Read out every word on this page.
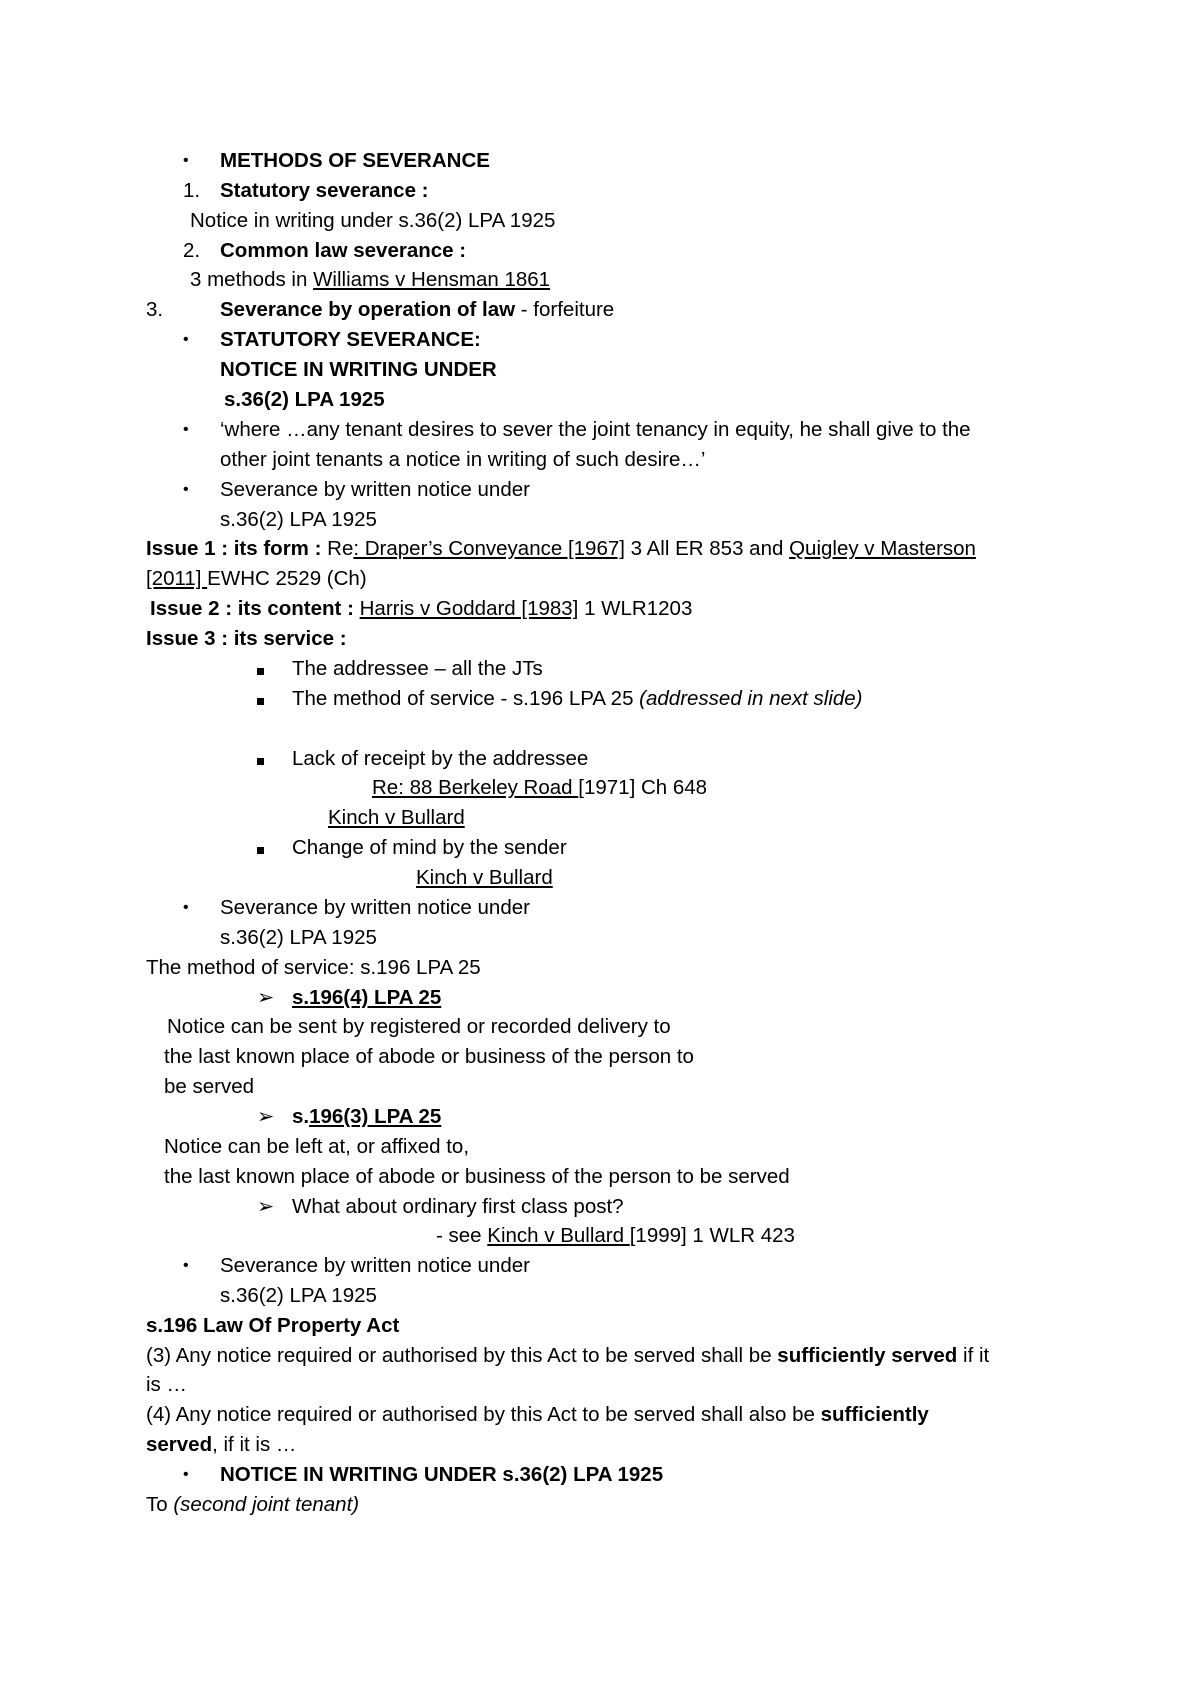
• METHODS OF SEVERANCE
1. Statutory severance :
Notice in writing under s.36(2) LPA 1925
2. Common law severance :
3 methods in Williams v Hensman 1861
3.	Severance by operation of law - forfeiture
• STATUTORY SEVERANCE:
NOTICE IN WRITING UNDER
s.36(2) LPA 1925
• ‘where …any tenant desires to sever the joint tenancy in equity, he shall give to the
other joint tenants a notice in writing of such desire…’
• Severance by written notice under
s.36(2) LPA 1925
Issue 1 : its form : Re: Draper’s Conveyance [1967] 3 All ER 853 and Quigley v Masterson
[2011] EWHC 2529 (Ch)
Issue 2 : its content : Harris v Goddard [1983] 1 WLR1203
Issue 3 : its service :
The addressee – all the JTs
The method of service - s.196 LPA 25 (addressed in next slide)
Lack of receipt by the addressee
Re: 88 Berkeley Road [1971] Ch 648
Kinch v Bullard
Change of mind by the sender
Kinch v Bullard
• Severance by written notice under
s.36(2) LPA 1925
The method of service: s.196 LPA 25
➢ s.196(4) LPA 25
Notice can be sent by registered or recorded delivery to
the last known place of abode or business of the person to
be served
➢ s.196(3) LPA 25
Notice can be left at, or affixed to,
the last known place of abode or business of the person to be served
➢ What about ordinary first class post?
- see Kinch v Bullard [1999] 1 WLR 423
• Severance by written notice under
s.36(2) LPA 1925
s.196 Law Of Property Act
(3) Any notice required or authorised by this Act to be served shall be sufficiently served if it
is …
(4) Any notice required or authorised by this Act to be served shall also be sufficiently
served, if it is …
• NOTICE IN WRITING UNDER s.36(2) LPA 1925
To (second joint tenant)
